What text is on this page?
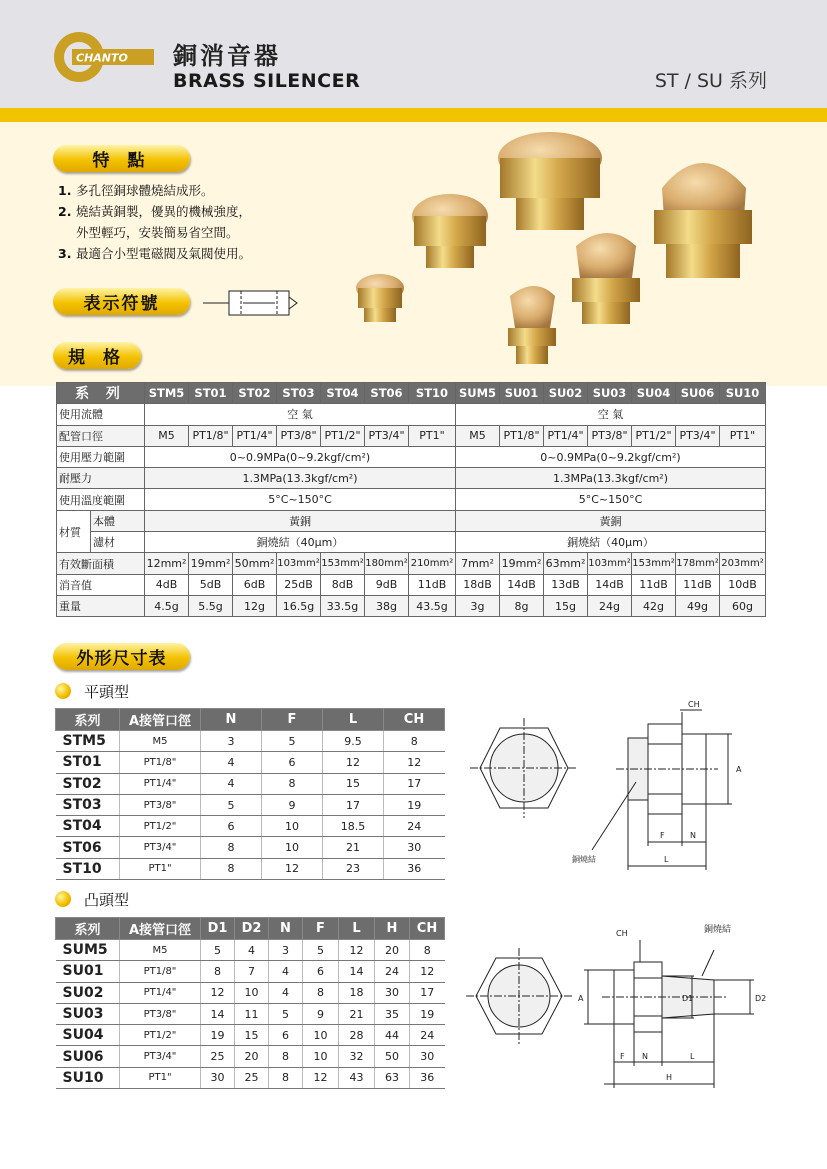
CHANTO 銅消音器
BRASS SILENCER	ST / SU 系列
特 點
1. 多孔徑銅球體燒結成形。
2. 燒結黃銅製，優異的機械強度，
外型輕巧，安裝簡易省空間。
3. 最適合小型電磁閥及氣閥使用。
表示符號
規 格
系 列		STM5	ST01	ST02	ST03	ST04	ST06	ST10	SUM5	SU01	SU02	SU03	SU04	SU06	SU10
使用流體		空 氣							空 氣						
配管口徑		M5	PT1/8"	PT1/4"	PT3/8"	PT1/2"	PT3/4"	PT1"	M5	PT1/8"	PT1/4"	PT3/8"	PT1/2"	PT3/4"	PT1"
使用壓力範圍		0~0.9MPa(0~9.2kgf/cm²)							0~0.9MPa(0~9.2kgf/cm²)						
耐壓力		1.3MPa(13.3kgf/cm²)							1.3MPa(13.3kgf/cm²)						
使用溫度範圍		5°C~150°C							5°C~150°C						
材質	本體	黃銅							黃銅						
	濾材	銅燒結（40μm）							銅燒結（40μm）						
有效斷面積		12mm²	19mm²	50mm²	103mm²	153mm²	180mm²	210mm²	7mm²	19mm²	63mm²	103mm²	153mm²	178mm²	203mm²
消音值		4dB	5dB	6dB	25dB	8dB	9dB	11dB	18dB	14dB	13dB	14dB	11dB	11dB	10dB
重量		4.5g	5.5g	12g	16.5g	33.5g	38g	43.5g	3g	8g	15g	24g	42g	49g	60g
外形尺寸表
平頭型
系列	A接管口徑	N	F	L	CH
STM5	M5	3	5	9.5	8
ST01	PT1/8"	4	6	12	12
ST02	PT1/4"	4	8	15	17
ST03	PT3/8"	5	9	17	19
ST04	PT1/2"	6	10	18.5	24
ST06	PT3/4"	8	10	21	30
ST10	PT1"	8	12	23	36
CH
A
F	N
L
銅燒結
凸頭型
系列	A接管口徑	D1	D2	N	F	L	H	CH
SUM5	M5	5	4	3	5	12	20	8
SU01	PT1/8"	8	7	4	6	14	24	12
SU02	PT1/4"	12	10	4	8	18	30	17
SU03	PT3/8"	14	11	5	9	21	35	19
SU04	PT1/2"	19	15	6	10	28	44	24
SU06	PT3/4"	25	20	8	10	32	50	30
SU10	PT1"	30	25	8	12	43	63	36
CH	銅燒結
A	D1	D2
F N	L
H
